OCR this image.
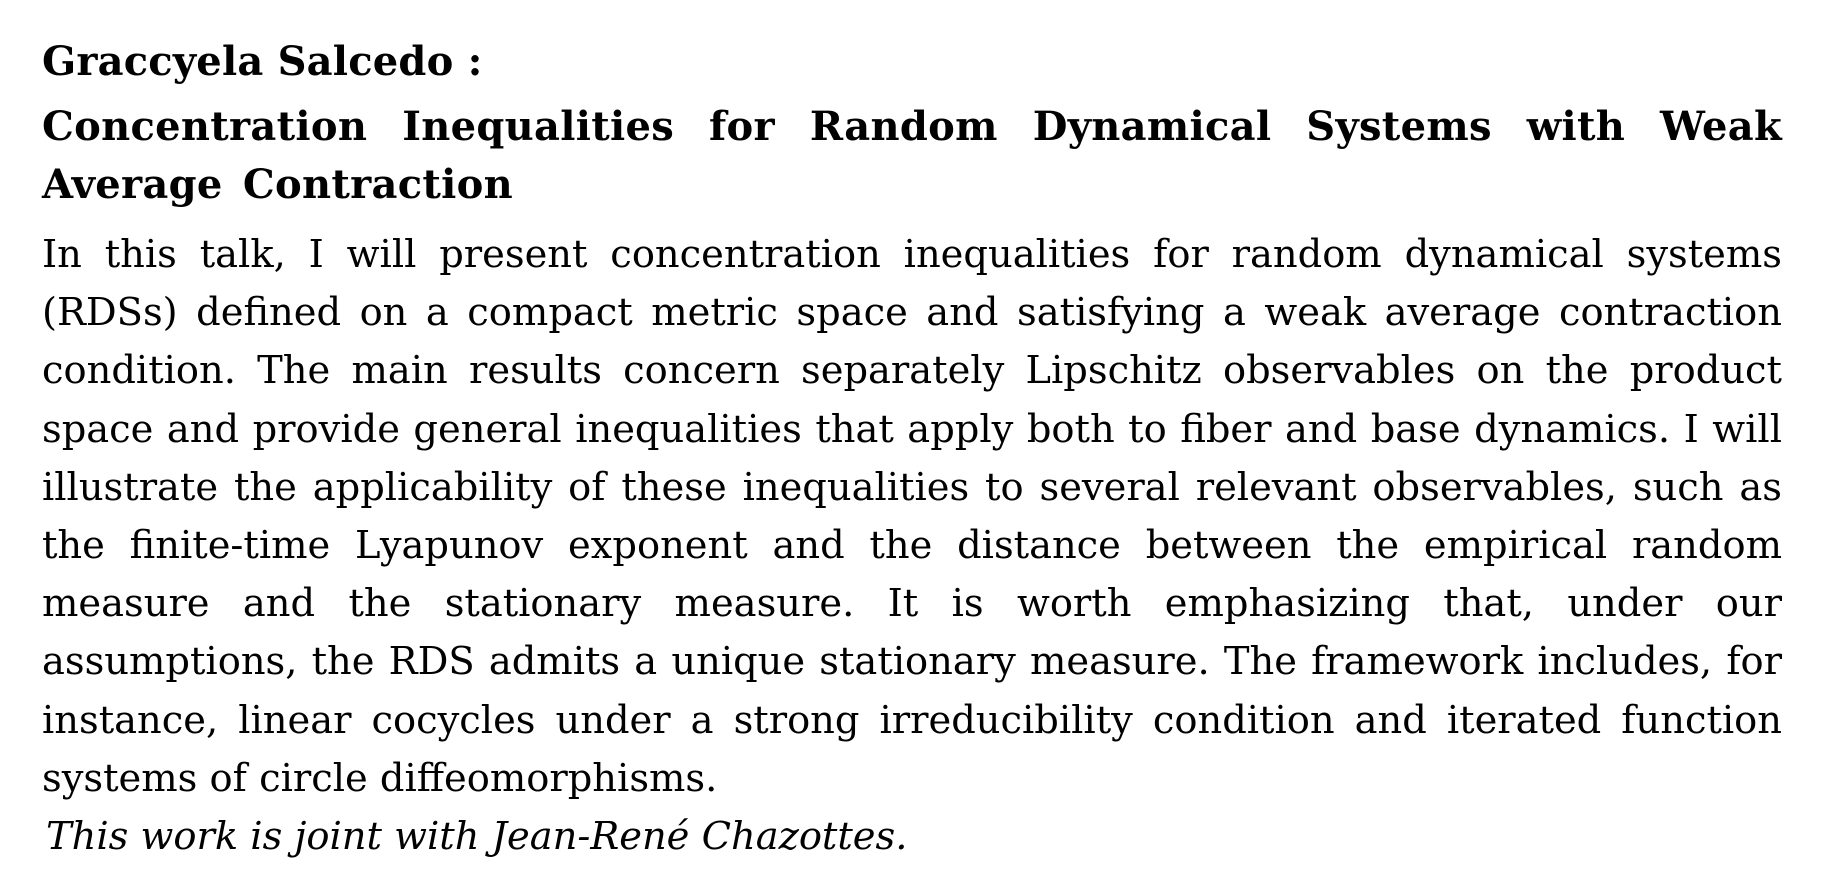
Graccyela Salcedo :

Concentration Inequalities for Random Dynamical Systems with Weak Average Contraction

In this talk, I will present concentration inequalities for random dynamical systems (RDSs) defined on a compact metric space and satisfying a weak average contraction condition. The main results concern separately Lipschitz observables on the product space and provide general inequalities that apply both to fiber and base dynamics. I will illustrate the applicability of these inequalities to several relevant observables, such as the finite-time Lyapunov exponent and the distance between the empirical random measure and the stationary measure. It is worth emphasizing that, under our assumptions, the RDS admits a unique stationary measure. The framework includes, for instance, linear cocycles under a strong irreducibility condition and iterated function systems of circle diffeomorphisms.

This work is joint with Jean-René Chazottes.
